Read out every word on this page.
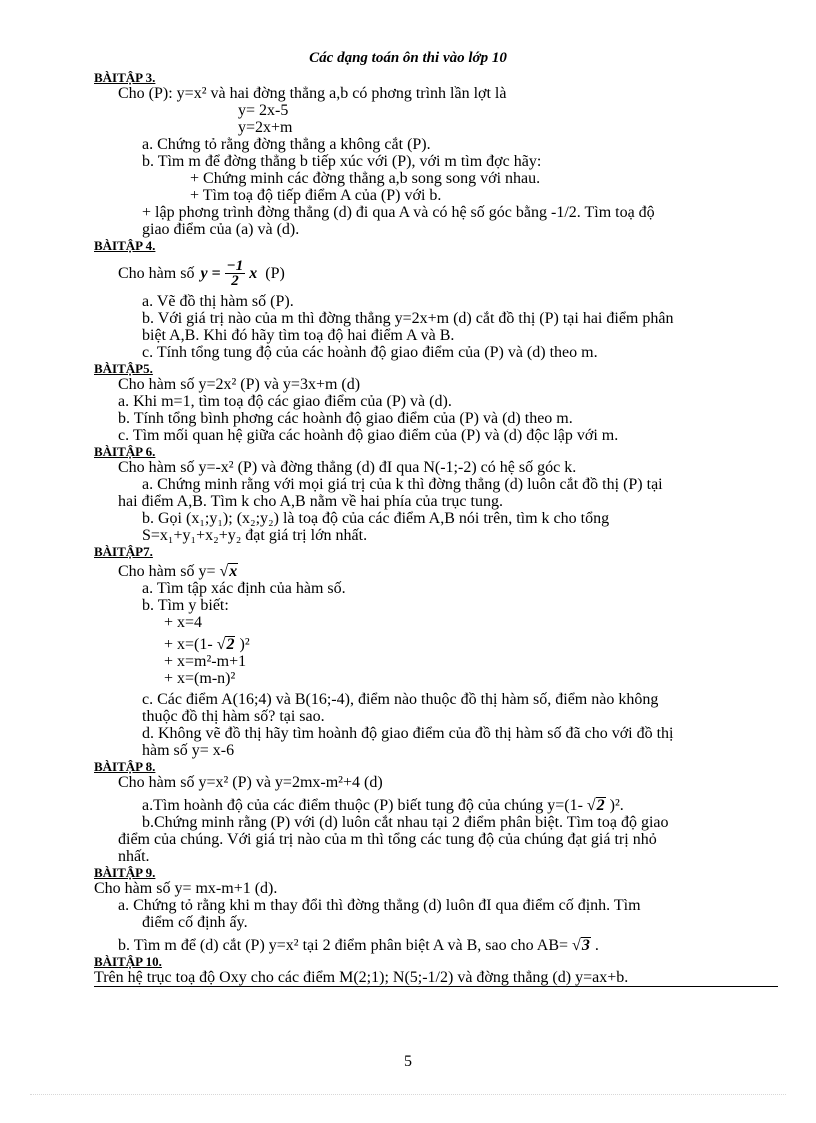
Các dạng toán ôn thi vào lớp 10
BÀITẬP 3.
Cho (P): y=x² và hai đờng thẳng a,b có phơng trình lần lợt là
y= 2x-5
y=2x+m
a. Chứng tỏ rằng đờng thẳng a không cắt (P).
b. Tìm m để đờng thẳng b tiếp xúc với (P), với m tìm đợc hãy:
+ Chứng minh các đờng thẳng a,b song song với nhau.
+ Tìm toạ độ tiếp điểm A của (P) với b.
+ lập phơng trình đờng thẳng (d) đi qua A và có hệ số góc bằng -1/2. Tìm toạ độ
giao điểm của (a) và (d).
BÀITẬP 4.
Cho hàm số $y = \frac{-1}{2}$ x (P)
a. Vẽ đồ thị hàm số (P).
b. Với giá trị nào của m thì đờng thẳng y=2x+m (d) cắt đồ thị (P) tại hai điểm phân
biệt A,B. Khi đó hãy tìm toạ độ hai điểm A và B.
c. Tính tổng tung độ của các hoành độ giao điểm của (P) và (d) theo m.
BÀITẬP5.
Cho hàm số y=2x² (P) và y=3x+m (d)
a. Khi m=1, tìm toạ độ các giao điểm của (P) và (d).
b. Tính tổng bình phơng các hoành độ giao điểm của (P) và (d) theo m.
c. Tìm mối quan hệ giữa các hoành độ giao điểm của (P) và (d) độc lập với m.
BÀITẬP 6.
Cho hàm số y=-x² (P) và đờng thẳng (d) đI qua N(-1;-2) có hệ số góc k.
a. Chứng minh rằng với mọi giá trị của k thì đờng thẳng (d) luôn cắt đồ thị (P) tại
hai điểm A,B. Tìm k cho A,B nằm về hai phía của trục tung.
b. Gọi (x₁;y₁); (x₂;y₂) là toạ độ của các điểm A,B nói trên, tìm k cho tổng
S=x₁+y₁+x₂+y₂ đạt giá trị lớn nhất.
BÀITẬP7.
Cho hàm số y= √ x
a. Tìm tập xác định của hàm số.
b. Tìm y biết:
+ x=4
+ x=(1- √ 2 )²
+ x=m²-m+1
+ x=(m-n)²
c. Các điểm A(16;4) và B(16;-4), điểm nào thuộc đồ thị hàm số, điểm nào không
thuộc đồ thị hàm số? tại sao.
d. Không vẽ đồ thị hãy tìm hoành độ giao điểm của đồ thị hàm số đã cho với đồ thị
hàm số y= x-6
BÀITẬP 8.
Cho hàm số y=x² (P) và y=2mx-m²+4 (d)
a.Tìm hoành độ của các điểm thuộc (P) biết tung độ của chúng y=(1- √ 2 )².
b.Chứng minh rằng (P) với (d) luôn cắt nhau tại 2 điểm phân biệt. Tìm toạ độ giao
điểm của chúng. Với giá trị nào của m thì tổng các tung độ của chúng đạt giá trị nhỏ
nhất.
BÀITẬP 9.
Cho hàm số y= mx-m+1 (d).
a. Chứng tỏ rằng khi m thay đổi thì đờng thẳng (d) luôn đI qua điểm cố định. Tìm
điểm cố định ấy.
b. Tìm m để (d) cắt (P) y=x² tại 2 điểm phân biệt A và B, sao cho AB= √ 3 .
BÀITẬP 10.
Trên hệ trục toạ độ Oxy cho các điểm M(2;1); N(5;-1/2) và đờng thẳng (d) y=ax+b.
5
